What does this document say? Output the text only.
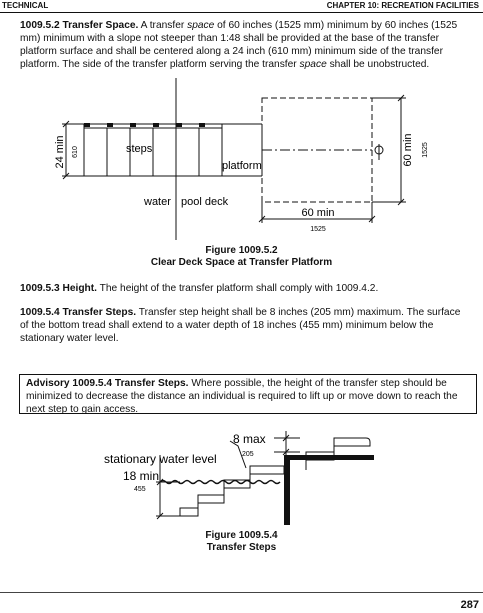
TECHNICAL	CHAPTER 10: RECREATION FACILITIES

1009.5.2 Transfer Space. A transfer space of 60 inches (1525 mm) minimum by 60 inches (1525 mm) minimum with a slope not steeper than 1:48 shall be provided at the base of the transfer platform surface and shall be centered along a 24 inch (610 mm) minimum side of the transfer platform. The side of the transfer platform serving the transfer space shall be unobstructed.

steps
platform
water pool deck
24 min 610	60 min 1525
60 min
1525
Figure 1009.5.2
Clear Deck Space at Transfer Platform

1009.5.3 Height. The height of the transfer platform shall comply with 1009.4.2.

1009.5.4 Transfer Steps. Transfer step height shall be 8 inches (205 mm) maximum. The surface of the bottom tread shall extend to a water depth of 18 inches (455 mm) minimum below the stationary water level.

Advisory 1009.5.4 Transfer Steps. Where possible, the height of the transfer step should be minimized to decrease the distance an individual is required to lift up or move down to reach the next step to gain access.
8 max
205
stationary water level
18 min
455
Figure 1009.5.4
Transfer Steps
287
